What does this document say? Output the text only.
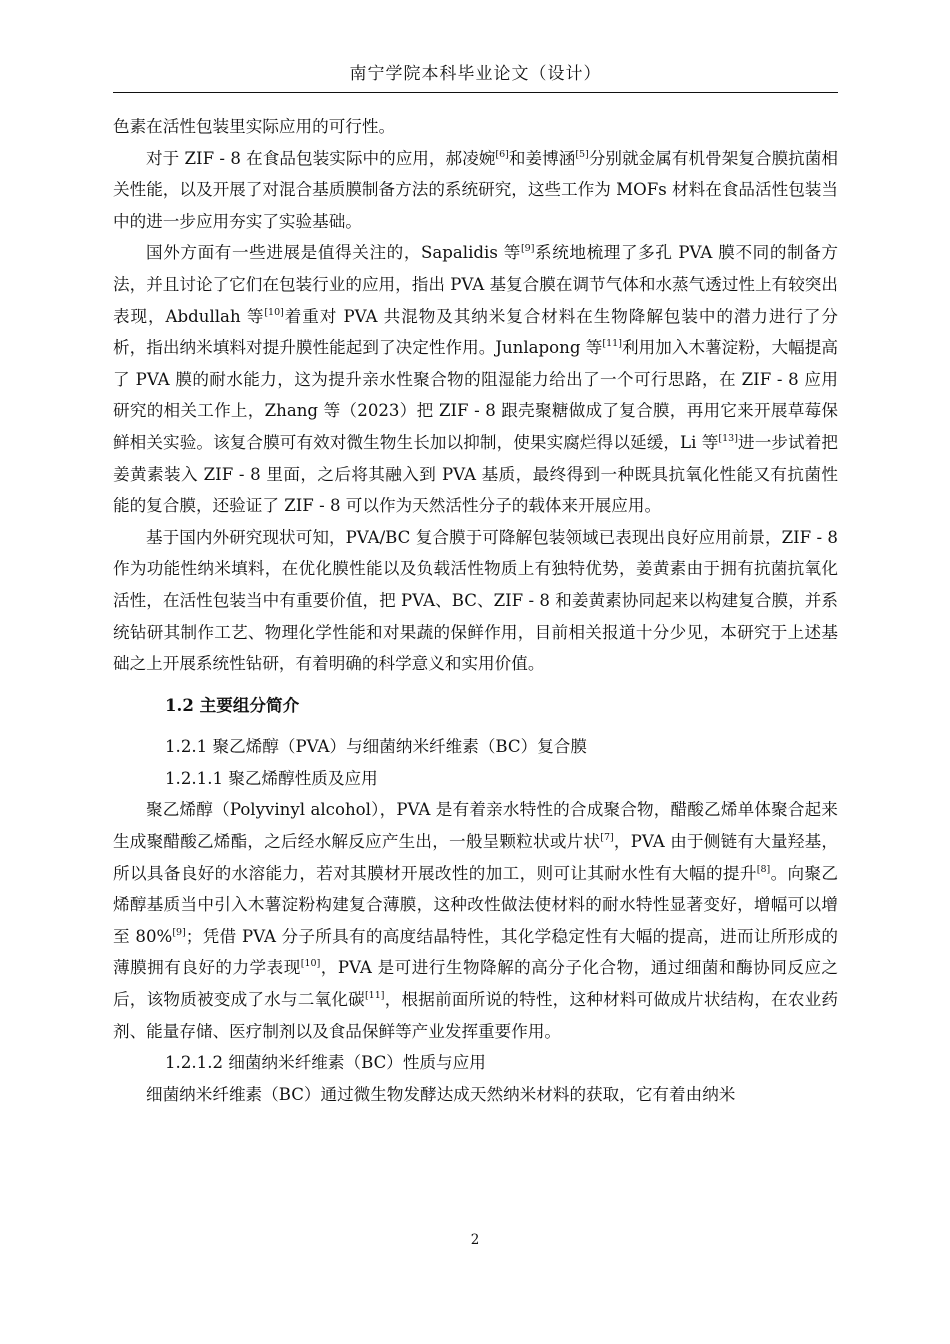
南宁学院本科毕业论文（设计）

色素在活性包装里实际应用的可行性。

对于 ZIF - 8 在食品包装实际中的应用，郝凌婉[6]和姜博涵[5]分别就金属有机骨架复合膜抗菌相关性能，以及开展了对混合基质膜制备方法的系统研究，这些工作为 MOFs 材料在食品活性包装当中的进一步应用夯实了实验基础。

国外方面有一些进展是值得关注的，Sapalidis 等[9]系统地梳理了多孔 PVA 膜不同的制备方法，并且讨论了它们在包装行业的应用，指出 PVA 基复合膜在调节气体和水蒸气透过性上有较突出表现，Abdullah 等[10]着重对 PVA 共混物及其纳米复合材料在生物降解包装中的潜力进行了分析，指出纳米填料对提升膜性能起到了决定性作用。Junlapong 等[11]利用加入木薯淀粉，大幅提高了 PVA 膜的耐水能力，这为提升亲水性聚合物的阻湿能力给出了一个可行思路，在 ZIF - 8 应用研究的相关工作上，Zhang 等（2023）把 ZIF - 8 跟壳聚糖做成了复合膜，再用它来开展草莓保鲜相关实验。该复合膜可有效对微生物生长加以抑制，使果实腐烂得以延缓，Li 等[13]进一步试着把姜黄素装入 ZIF - 8 里面，之后将其融入到 PVA 基质，最终得到一种既具抗氧化性能又有抗菌性能的复合膜，还验证了 ZIF - 8 可以作为天然活性分子的载体来开展应用。

基于国内外研究现状可知，PVA/BC 复合膜于可降解包装领域已表现出良好应用前景，ZIF - 8 作为功能性纳米填料，在优化膜性能以及负载活性物质上有独特优势，姜黄素由于拥有抗菌抗氧化活性，在活性包装当中有重要价值，把 PVA、BC、ZIF - 8 和姜黄素协同起来以构建复合膜，并系统钻研其制作工艺、物理化学性能和对果蔬的保鲜作用，目前相关报道十分少见，本研究于上述基础之上开展系统性钻研，有着明确的科学意义和实用价值。

1.2 主要组分简介
1.2.1 聚乙烯醇（PVA）与细菌纳米纤维素（BC）复合膜
1.2.1.1 聚乙烯醇性质及应用

聚乙烯醇（Polyvinyl alcohol），PVA 是有着亲水特性的合成聚合物，醋酸乙烯单体聚合起来生成聚醋酸乙烯酯，之后经水解反应产生出，一般呈颗粒状或片状[7]，PVA 由于侧链有大量羟基，所以具备良好的水溶能力，若对其膜材开展改性的加工，则可让其耐水性有大幅的提升[8]。向聚乙烯醇基质当中引入木薯淀粉构建复合薄膜，这种改性做法使材料的耐水特性显著变好，增幅可以增至 80%[9]；凭借 PVA 分子所具有的高度结晶特性，其化学稳定性有大幅的提高，进而让所形成的薄膜拥有良好的力学表现[10]，PVA 是可进行生物降解的高分子化合物，通过细菌和酶协同反应之后，该物质被变成了水与二氧化碳[11]，根据前面所说的特性，这种材料可做成片状结构，在农业药剂、能量存储、医疗制剂以及食品保鲜等产业发挥重要作用。

1.2.1.2 细菌纳米纤维素（BC）性质与应用

细菌纳米纤维素（BC）通过微生物发酵达成天然纳米材料的获取，它有着由纳米

2
